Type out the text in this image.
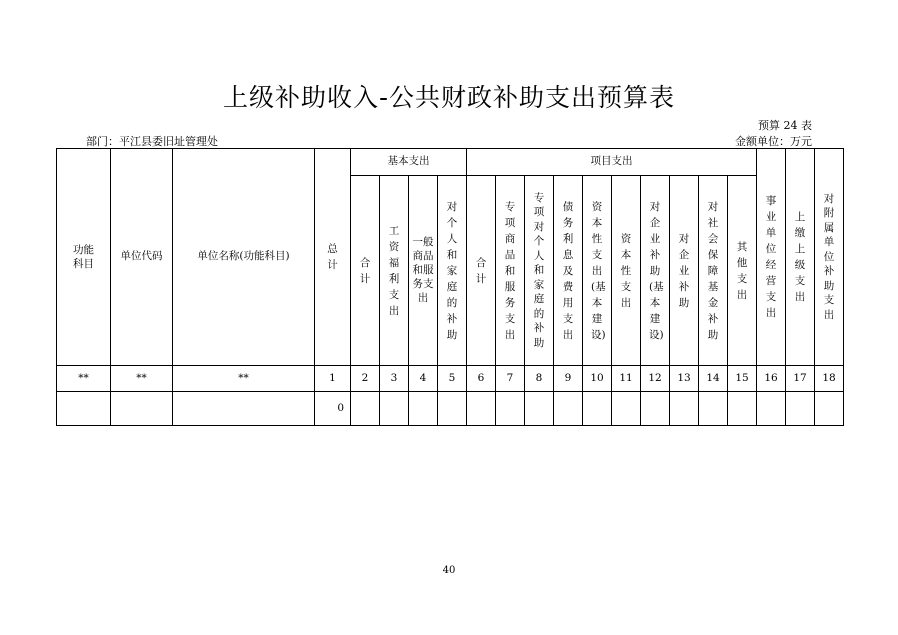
上级补助收入-公共财政补助支出预算表
预算 24 表
部门：平江县委旧址管理处	金额单位：万元
功能科目	单位代码	单位名称(功能科目)	总计	基本支出				项目支出										事业单位经营支出	上缴上级支出	对附属单位补助支出
				合计	工资福利支出	一般商品和服务支出	对个人和家庭的补助	合计	专项商品和服务支出	专项对个人和家庭的补助	债务利息及费用支出	资本性支出(基本建设)	资本性支出	对企业补助(基本建设)	对企业补助	对社会保障基金补助	其他支出			
**	**	**	1	2	3	4	5	6	7	8	9	10	11	12	13	14	15	16	17	18
			0																	
40
